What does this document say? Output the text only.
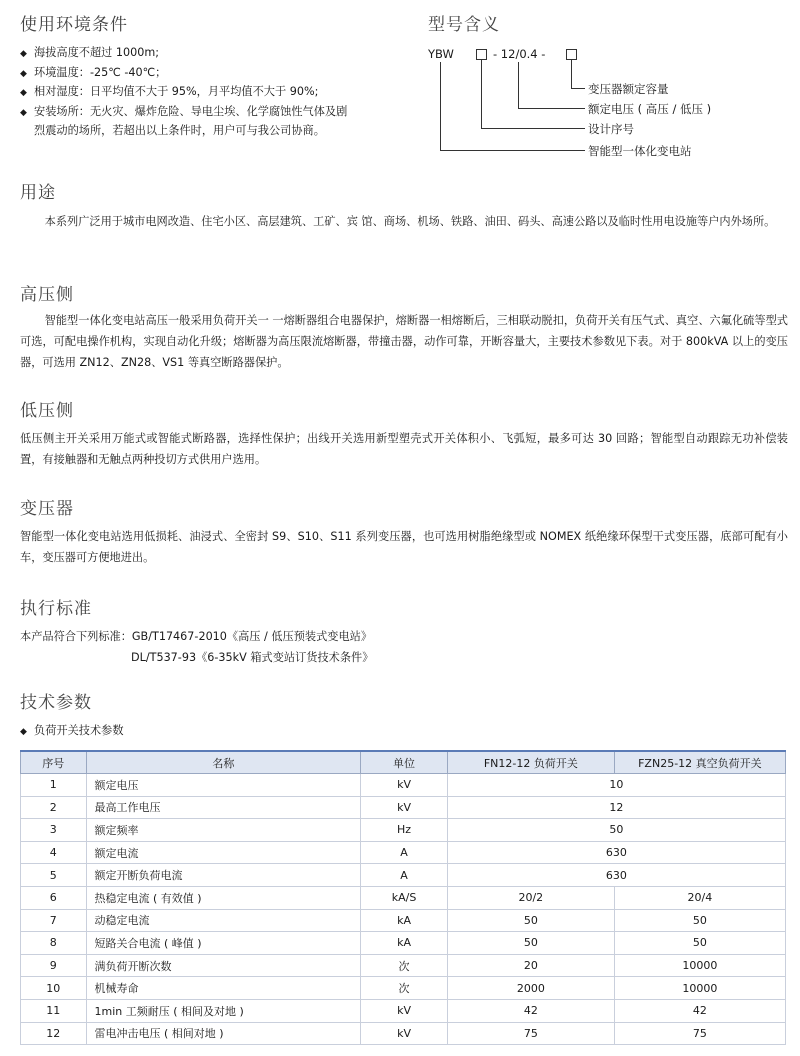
使用环境条件
◆ 海拔高度不超过 1000m;
◆ 环境温度：-25℃ -40℃；
◆ 相对湿度：日平均值不大于 95%，月平均值不大于 90%;
◆ 安装场所：无火灾、爆炸危险、导电尘埃、化学腐蚀性气体及剧
烈震动的场所，若超出以上条件时，用户可与我公司协商。
型号含义
YBW	- 12/0.4 -
变压器额定容量
额定电压 ( 高压 / 低压 )
设计序号
智能型一体化变电站
用途
本系列广泛用于城市电网改造、住宅小区、高层建筑、工矿、宾 馆、商场、机场、铁路、油田、码头、高速公路以及临时性用电设施等户内外场所。
高压侧
智能型一体化变电站高压一般采用负荷开关一 一熔断器组合电器保护，熔断器一相熔断后，三相联动脱扣，负荷开关有压气式、真空、六氟化硫等型式可选，可配电操作机构，实现自动化升级；熔断器为高压限流熔断器，带撞击器，动作可靠，开断容量大，主要技术参数见下表。对于 800kVA 以上的变压器，可选用 ZN12、ZN28、VS1 等真空断路器保护。
低压侧
低压侧主开关采用万能式或智能式断路器，选择性保护；出线开关选用新型塑壳式开关体积小、飞弧短，最多可达 30 回路；智能型自动跟踪无功补偿装置，有接触器和无触点两种投切方式供用户选用。
变压器
智能型一体化变电站选用低损耗、油浸式、全密封 S9、S10、S11 系列变压器，也可选用树脂绝缘型或 NOMEX 纸绝缘环保型干式变压器，底部可配有小车，变压器可方便地进出。
执行标准
本产品符合下列标准：GB/T17467-2010《高压 / 低压预装式变电站》
DL/T537-93《6-35kV 箱式变站订货技术条件》
技术参数
◆ 负荷开关技术参数
序号	名称	单位	FN12-12 负荷开关	FZN25-12 真空负荷开关
1	额定电压	kV	10	
2	最高工作电压	kV	12	
3	额定频率	Hz	50	
4	额定电流	A	630	
5	额定开断负荷电流	A	630	
6	热稳定电流 ( 有效值 )	kA/S	20/2	20/4
7	动稳定电流	kA	50	50
8	短路关合电流 ( 峰值 )	kA	50	50
9	满负荷开断次数	次	20	10000
10	机械寿命	次	2000	10000
11	1min 工频耐压 ( 相间及对地 )	kV	42	42
12	雷电冲击电压 ( 相间对地 )	kV	75	75
